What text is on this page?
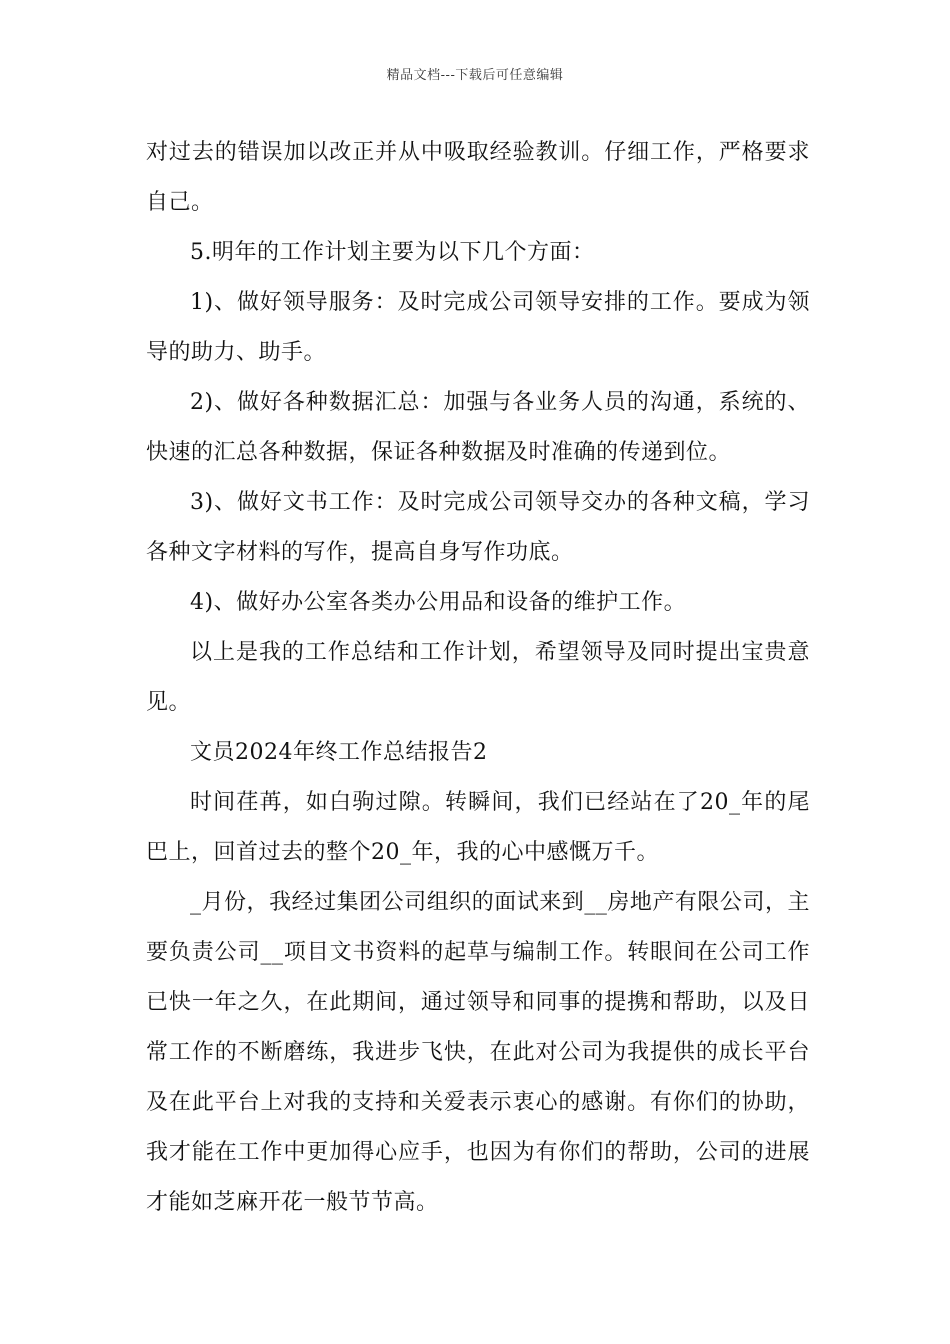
精品文档---下载后可任意编辑

对过去的错误加以改正并从中吸取经验教训。仔细工作，严格要求自己。

5.明年的工作计划主要为以下几个方面：

1)、做好领导服务：及时完成公司领导安排的工作。要成为领导的助力、助手。

2)、做好各种数据汇总：加强与各业务人员的沟通，系统的、快速的汇总各种数据，保证各种数据及时准确的传递到位。

3)、做好文书工作：及时完成公司领导交办的各种文稿，学习各种文字材料的写作，提高自身写作功底。

4)、做好办公室各类办公用品和设备的维护工作。

以上是我的工作总结和工作计划，希望领导及同时提出宝贵意见。

文员2024年终工作总结报告2

时间荏苒，如白驹过隙。转瞬间，我们已经站在了20_年的尾巴上，回首过去的整个20_年，我的心中感慨万千。

_月份，我经过集团公司组织的面试来到__房地产有限公司，主要负责公司__项目文书资料的起草与编制工作。转眼间在公司工作已快一年之久，在此期间，通过领导和同事的提携和帮助，以及日常工作的不断磨练，我进步飞快，在此对公司为我提供的成长平台及在此平台上对我的支持和关爱表示衷心的感谢。有你们的协助，我才能在工作中更加得心应手，也因为有你们的帮助，公司的进展才能如芝麻开花一般节节高。
